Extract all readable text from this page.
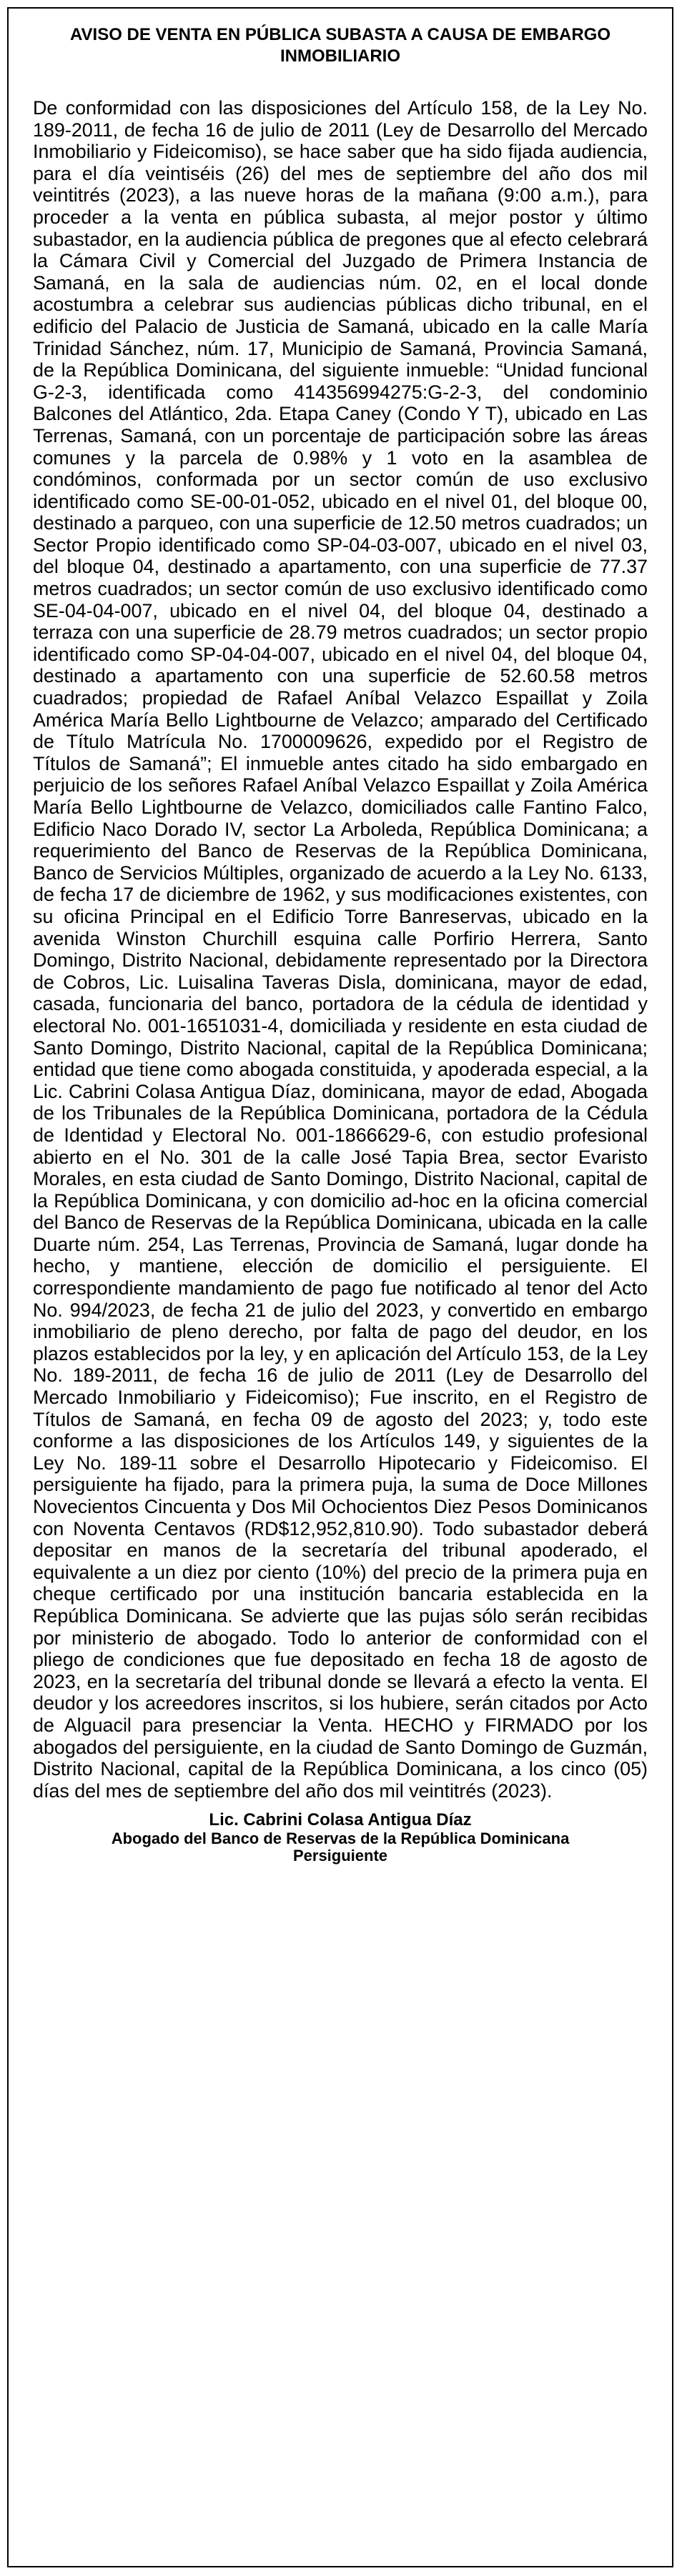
AVISO DE VENTA EN PÚBLICA SUBASTA A CAUSA DE EMBARGO INMOBILIARIO

De conformidad con las disposiciones del Artículo 158, de la Ley No. 189-2011, de fecha 16 de julio de 2011 (Ley de Desarrollo del Mercado Inmobiliario y Fideicomiso), se hace saber que ha sido fijada audiencia, para el día veintiséis (26) del mes de septiembre del año dos mil veintitrés (2023), a las nueve horas de la mañana (9:00 a.m.), para proceder a la venta en pública subasta, al mejor postor y último subastador, en la audiencia pública de pregones que al efecto celebrará la Cámara Civil y Comercial del Juzgado de Primera Instancia de Samaná, en la sala de audiencias núm. 02, en el local donde acostumbra a celebrar sus audiencias públicas dicho tribunal, en el edificio del Palacio de Justicia de Samaná, ubicado en la calle María Trinidad Sánchez, núm. 17, Municipio de Samaná, Provincia Samaná, de la República Dominicana, del siguiente inmueble: “Unidad funcional G-2-3, identificada como 414356994275:G-2-3, del condominio Balcones del Atlántico, 2da. Etapa Caney (Condo Y T), ubicado en Las Terrenas, Samaná, con un porcentaje de participación sobre las áreas comunes y la parcela de 0.98% y 1 voto en la asamblea de condóminos, conformada por un sector común de uso exclusivo identificado como SE-00-01-052, ubicado en el nivel 01, del bloque 00, destinado a parqueo, con una superficie de 12.50 metros cuadrados; un Sector Propio identificado como SP-04-03-007, ubicado en el nivel 03, del bloque 04, destinado a apartamento, con una superficie de 77.37 metros cuadrados; un sector común de uso exclusivo identificado como SE-04-04-007, ubicado en el nivel 04, del bloque 04, destinado a terraza con una superficie de 28.79 metros cuadrados; un sector propio identificado como SP-04-04-007, ubicado en el nivel 04, del bloque 04, destinado a apartamento con una superficie de 52.60.58 metros cuadrados; propiedad de Rafael Aníbal Velazco Espaillat y Zoila América María Bello Lightbourne de Velazco; amparado del Certificado de Título Matrícula No. 1700009626, expedido por el Registro de Títulos de Samaná”; El inmueble antes citado ha sido embargado en perjuicio de los señores Rafael Aníbal Velazco Espaillat y Zoila América María Bello Lightbourne de Velazco, domiciliados calle Fantino Falco, Edificio Naco Dorado IV, sector La Arboleda, República Dominicana; a requerimiento del Banco de Reservas de la República Dominicana, Banco de Servicios Múltiples, organizado de acuerdo a la Ley No. 6133, de fecha 17 de diciembre de 1962, y sus modificaciones existentes, con su oficina Principal en el Edificio Torre Banreservas, ubicado en la avenida Winston Churchill esquina calle Porfirio Herrera, Santo Domingo, Distrito Nacional, debidamente representado por la Directora de Cobros, Lic. Luisalina Taveras Disla, dominicana, mayor de edad, casada, funcionaria del banco, portadora de la cédula de identidad y electoral No. 001-1651031-4, domiciliada y residente en esta ciudad de Santo Domingo, Distrito Nacional, capital de la República Dominicana; entidad que tiene como abogada constituida, y apoderada especial, a la Lic. Cabrini Colasa Antigua Díaz, dominicana, mayor de edad, Abogada de los Tribunales de la República Dominicana, portadora de la Cédula de Identidad y Electoral No. 001-1866629-6, con estudio profesional abierto en el No. 301 de la calle José Tapia Brea, sector Evaristo Morales, en esta ciudad de Santo Domingo, Distrito Nacional, capital de la República Dominicana, y con domicilio ad-hoc en la oficina comercial del Banco de Reservas de la República Dominicana, ubicada en la calle Duarte núm. 254, Las Terrenas, Provincia de Samaná, lugar donde ha hecho, y mantiene, elección de domicilio el persiguiente. El correspondiente mandamiento de pago fue notificado al tenor del Acto No. 994/2023, de fecha 21 de julio del 2023, y convertido en embargo inmobiliario de pleno derecho, por falta de pago del deudor, en los plazos establecidos por la ley, y en aplicación del Artículo 153, de la Ley No. 189-2011, de fecha 16 de julio de 2011 (Ley de Desarrollo del Mercado Inmobiliario y Fideicomiso); Fue inscrito, en el Registro de Títulos de Samaná, en fecha 09 de agosto del 2023; y, todo este conforme a las disposiciones de los Artículos 149, y siguientes de la Ley No. 189-11 sobre el Desarrollo Hipotecario y Fideicomiso. El persiguiente ha fijado, para la primera puja, la suma de Doce Millones Novecientos Cincuenta y Dos Mil Ochocientos Diez Pesos Dominicanos con Noventa Centavos (RD$12,952,810.90). Todo subastador deberá depositar en manos de la secretaría del tribunal apoderado, el equivalente a un diez por ciento (10%) del precio de la primera puja en cheque certificado por una institución bancaria establecida en la República Dominicana. Se advierte que las pujas sólo serán recibidas por ministerio de abogado. Todo lo anterior de conformidad con el pliego de condiciones que fue depositado en fecha 18 de agosto de 2023, en la secretaría del tribunal donde se llevará a efecto la venta. El deudor y los acreedores inscritos, si los hubiere, serán citados por Acto de Alguacil para presenciar la Venta. HECHO y FIRMADO por los abogados del persiguiente, en la ciudad de Santo Domingo de Guzmán, Distrito Nacional, capital de la República Dominicana, a los cinco (05) días del mes de septiembre del año dos mil veintitrés (2023).

Lic. Cabrini Colasa Antigua Díaz
Abogado del Banco de Reservas de la República Dominicana
Persiguiente
